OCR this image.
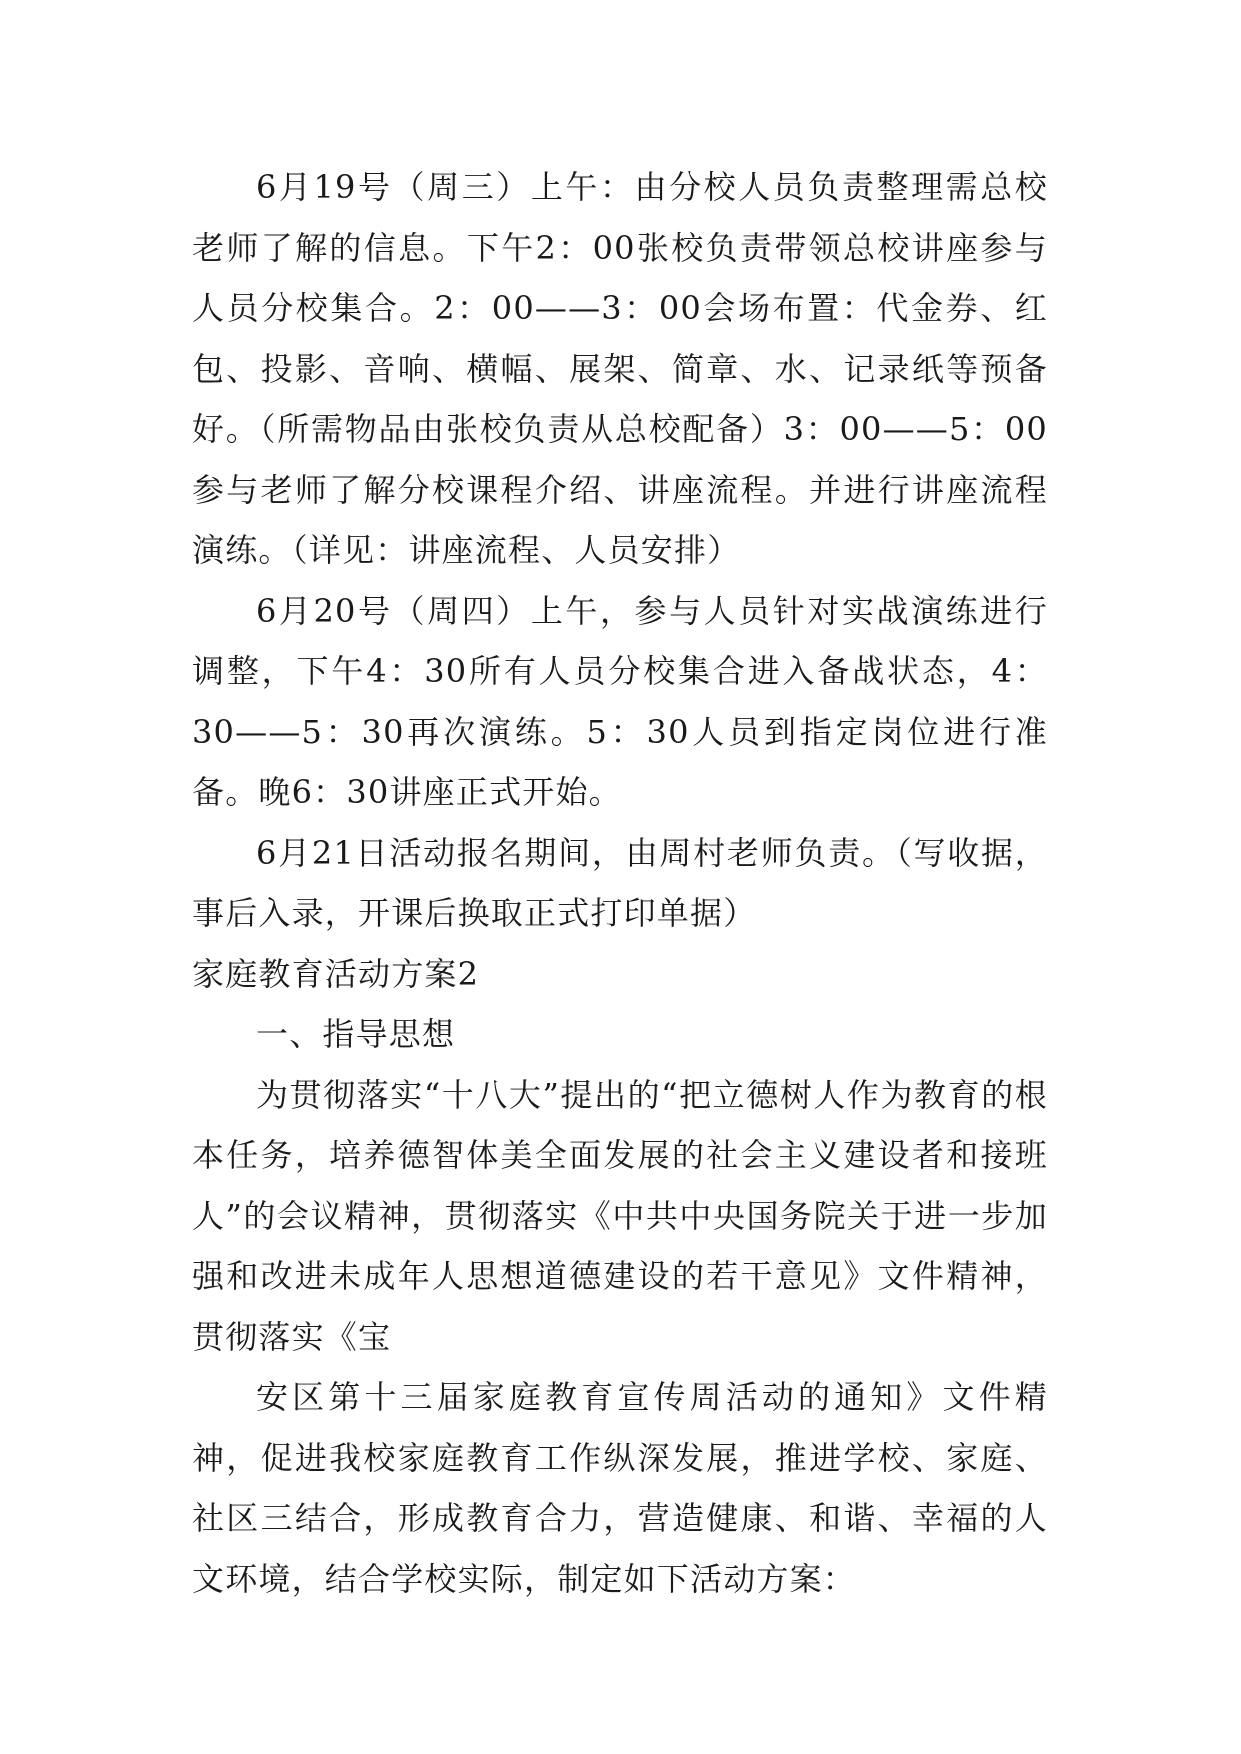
6月19号（周三）上午：由分校人员负责整理需总校老师了解的信息。下午2：00张校负责带领总校讲座参与人员分校集合。2：00——3：00会场布置：代金券、红包、投影、音响、横幅、展架、简章、水、记录纸等预备好。（所需物品由张校负责从总校配备）3：00——5：00参与老师了解分校课程介绍、讲座流程。并进行讲座流程演练。（详见：讲座流程、人员安排）

6月20号（周四）上午，参与人员针对实战演练进行调整，下午4：30所有人员分校集合进入备战状态，4：30——5：30再次演练。5：30人员到指定岗位进行准备。晚6：30讲座正式开始。

6月21日活动报名期间，由周村老师负责。（写收据，事后入录，开课后换取正式打印单据）

家庭教育活动方案2

一、指导思想

为贯彻落实“十八大”提出的“把立德树人作为教育的根本任务，培养德智体美全面发展的社会主义建设者和接班人”的会议精神，贯彻落实《中共中央国务院关于进一步加强和改进未成年人思想道德建设的若干意见》文件精神，贯彻落实《宝

安区第十三届家庭教育宣传周活动的通知》文件精神，促进我校家庭教育工作纵深发展，推进学校、家庭、社区三结合，形成教育合力，营造健康、和谐、幸福的人文环境，结合学校实际，制定如下活动方案：
